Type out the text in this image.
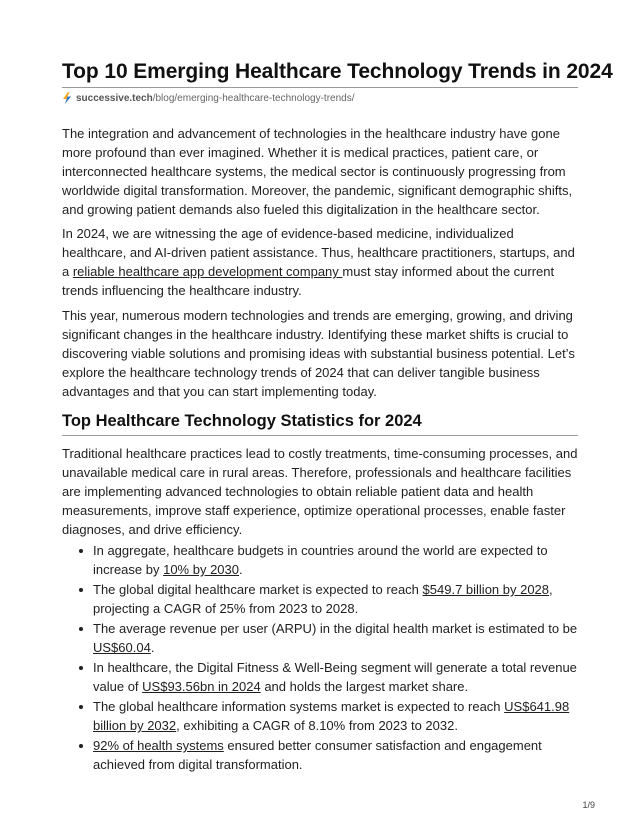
Top 10 Emerging Healthcare Technology Trends in 2024
successive.tech /blog/emerging-healthcare-technology-trends/

The integration and advancement of technologies in the healthcare industry have gone more profound than ever imagined. Whether it is medical practices, patient care, or interconnected healthcare systems, the medical sector is continuously progressing from worldwide digital transformation. Moreover, the pandemic, significant demographic shifts, and growing patient demands also fueled this digitalization in the healthcare sector.

In 2024, we are witnessing the age of evidence-based medicine, individualized healthcare, and AI-driven patient assistance. Thus, healthcare practitioners, startups, and a reliable healthcare app development company must stay informed about the current trends influencing the healthcare industry.

This year, numerous modern technologies and trends are emerging, growing, and driving significant changes in the healthcare industry. Identifying these market shifts is crucial to discovering viable solutions and promising ideas with substantial business potential. Let’s explore the healthcare technology trends of 2024 that can deliver tangible business advantages and that you can start implementing today.

Top Healthcare Technology Statistics for 2024

Traditional healthcare practices lead to costly treatments, time-consuming processes, and unavailable medical care in rural areas. Therefore, professionals and healthcare facilities are implementing advanced technologies to obtain reliable patient data and health measurements, improve staff experience, optimize operational processes, enable faster diagnoses, and drive efficiency.

In aggregate, healthcare budgets in countries around the world are expected to increase by 10% by 2030.
The global digital healthcare market is expected to reach $549.7 billion by 2028, projecting a CAGR of 25% from 2023 to 2028.
The average revenue per user (ARPU) in the digital health market is estimated to be US$60.04.
In healthcare, the Digital Fitness & Well-Being segment will generate a total revenue value of US$93.56bn in 2024 and holds the largest market share.
The global healthcare information systems market is expected to reach US$641.98 billion by 2032, exhibiting a CAGR of 8.10% from 2023 to 2032.
92% of health systems ensured better consumer satisfaction and engagement achieved from digital transformation.
1/9
